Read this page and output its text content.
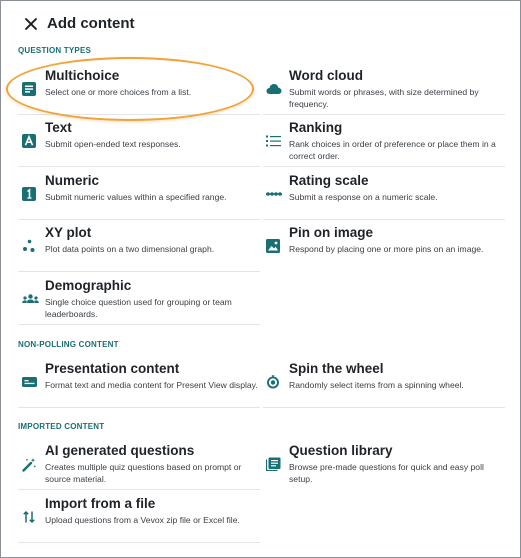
Add content
QUESTION TYPES
Multichoice
Select one or more choices from a list.
Word cloud
Submit words or phrases, with size determined by frequency.
Text
Submit open-ended text responses.
Ranking
Rank choices in order of preference or place them in a correct order.
Numeric
Submit numeric values within a specified range.
Rating scale
Submit a response on a numeric scale.
XY plot
Plot data points on a two dimensional graph.
Pin on image
Respond by placing one or more pins on an image.
Demographic
Single choice question used for grouping or team leaderboards.
NON-POLLING CONTENT
Presentation content
Format text and media content for Present View display.
Spin the wheel
Randomly select items from a spinning wheel.
IMPORTED CONTENT
AI generated questions
Creates multiple quiz questions based on prompt or source material.
Question library
Browse pre-made questions for quick and easy poll setup.
Import from a file
Upload questions from a Vevox zip file or Excel file.
